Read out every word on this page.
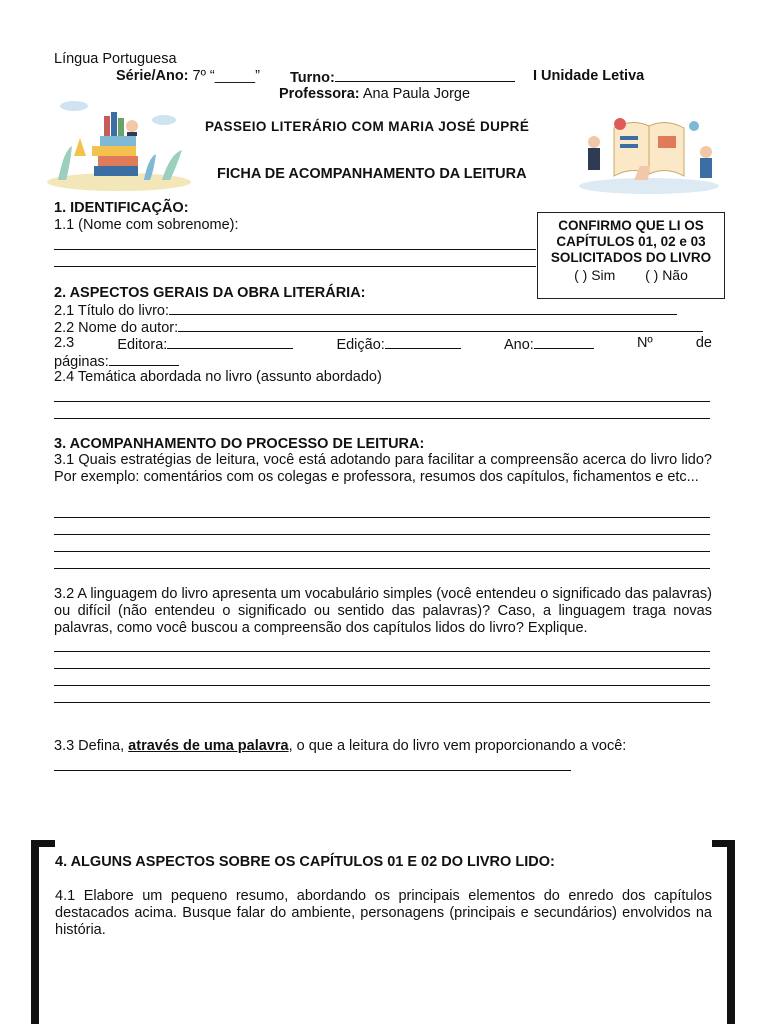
Língua Portuguesa
Série/Ano: 7º “_____” Turno:	I Unidade Letiva
Professora: Ana Paula Jorge
PASSEIO LITERÁRIO COM MARIA JOSÉ DUPRÉ
FICHA DE ACOMPANHAMENTO DA LEITURA
1. IDENTIFICAÇÃO:
1.1 (Nome com sobrenome):	CONFIRMO QUE LI OS
CAPÍTULOS 01, 02 e 03
SOLICITADOS DO LIVRO
( ) Sim ( ) Não
2. ASPECTOS GERAIS DA OBRA LITERÁRIA:
2.1 Título do livro:
2.2 Nome do autor:
2.3	Editora:	Edição:	Ano:	Nº	de
páginas:
2.4 Temática abordada no livro (assunto abordado)
3. ACOMPANHAMENTO DO PROCESSO DE LEITURA:
3.1 Quais estratégias de leitura, você está adotando para facilitar a compreensão acerca do livro lido? Por exemplo: comentários com os colegas e professora, resumos dos capítulos, fichamentos e etc...
3.2 A linguagem do livro apresenta um vocabulário simples (você entendeu o significado das palavras) ou difícil (não entendeu o significado ou sentido das palavras)? Caso, a linguagem traga novas palavras, como você buscou a compreensão dos capítulos lidos do livro? Explique.
3.3 Defina, através de uma palavra, o que a leitura do livro vem proporcionando a você:
4. ALGUNS ASPECTOS SOBRE OS CAPÍTULOS 01 E 02 DO LIVRO LIDO:
4.1 Elabore um pequeno resumo, abordando os principais elementos do enredo dos capítulos destacados acima. Busque falar do ambiente, personagens (principais e secundários) envolvidos na história.
